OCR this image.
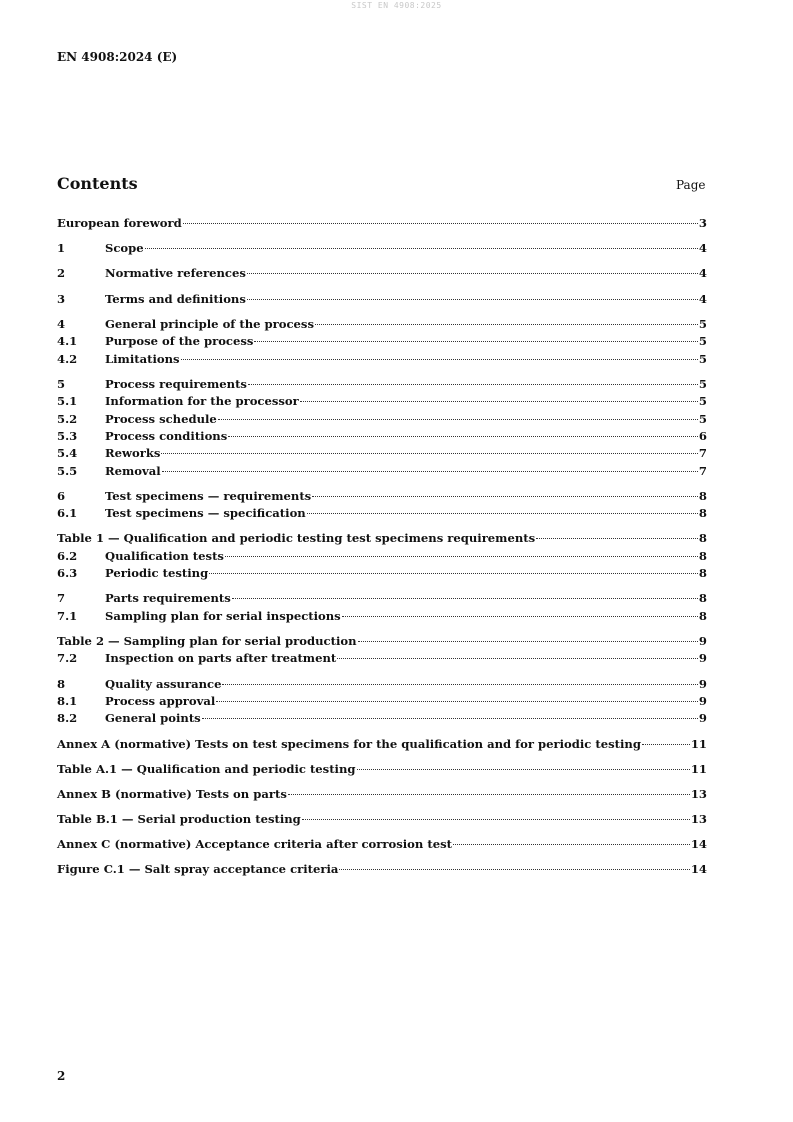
SIST EN 4908:2025
EN 4908:2024 (E)
Contents	Page
European foreword	3
1	Scope	4
2	Normative references	4
3	Terms and definitions	4
4	General principle of the process	5
4.1	Purpose of the process	5
4.2	Limitations	5
5	Process requirements	5
5.1	Information for the processor	5
5.2	Process schedule	5
5.3	Process conditions	6
5.4	Reworks	7
5.5	Removal	7
6	Test specimens — requirements	8
6.1	Test specimens — specification	8
Table 1 — Qualification and periodic testing test specimens requirements	8
6.2	Qualification tests	8
6.3	Periodic testing	8
7	Parts requirements	8
7.1	Sampling plan for serial inspections	8
Table 2 — Sampling plan for serial production	9
7.2	Inspection on parts after treatment	9
8	Quality assurance	9
8.1	Process approval	9
8.2	General points	9
Annex A (normative) Tests on test specimens for the qualification and for periodic testing	11
Table A.1 — Qualification and periodic testing	11
Annex B (normative) Tests on parts	13
Table B.1 — Serial production testing	13
Annex C (normative) Acceptance criteria after corrosion test	14
Figure C.1 — Salt spray acceptance criteria	14
2
